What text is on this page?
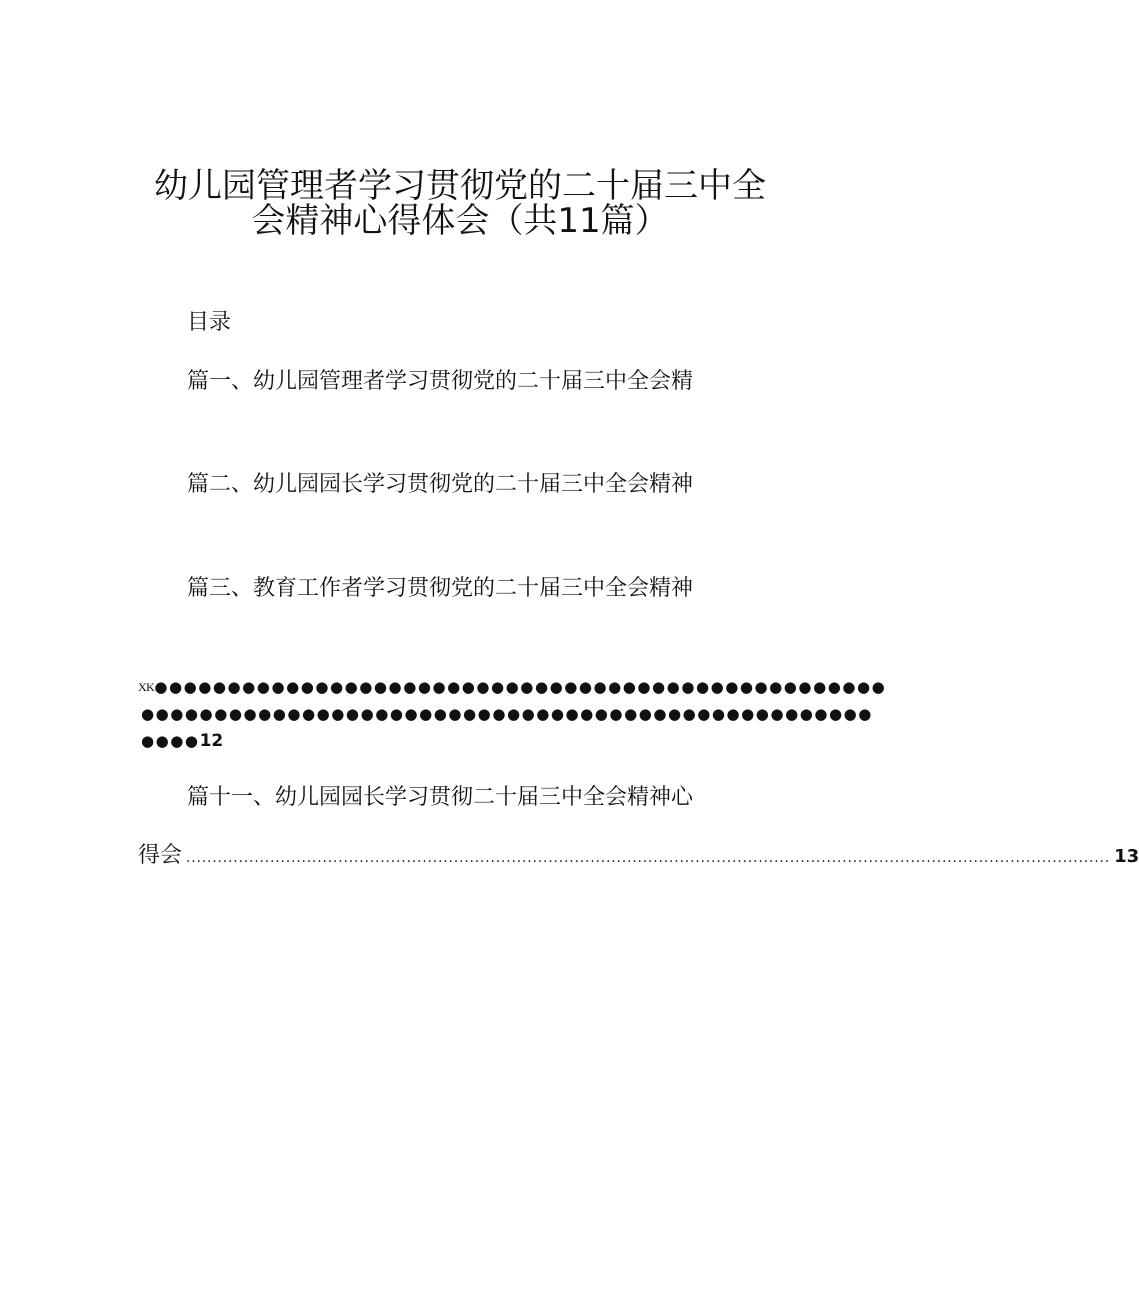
幼儿园管理者学习贯彻党的二十届三中全
会精神心得体会（共11篇）
目录
篇一、幼儿园管理者学习贯彻党的二十届三中全会精
篇二、幼儿园园长学习贯彻党的二十届三中全会精神
篇三、教育工作者学习贯彻党的二十届三中全会精神
XK●●●●●●●●●●●●●●●●●●●●●●●●●●●●●●●●●●●●●●●●●●●●●●●●●●
●●●●●●●●●●●●●●●●●●●●●●●●●●●●●●●●●●●●●●●●●●●●●●●●●●
●●●●12
篇十一、幼儿园园长学习贯彻二十届三中全会精神心
得会 ................................................................................................................................................................................ 13
